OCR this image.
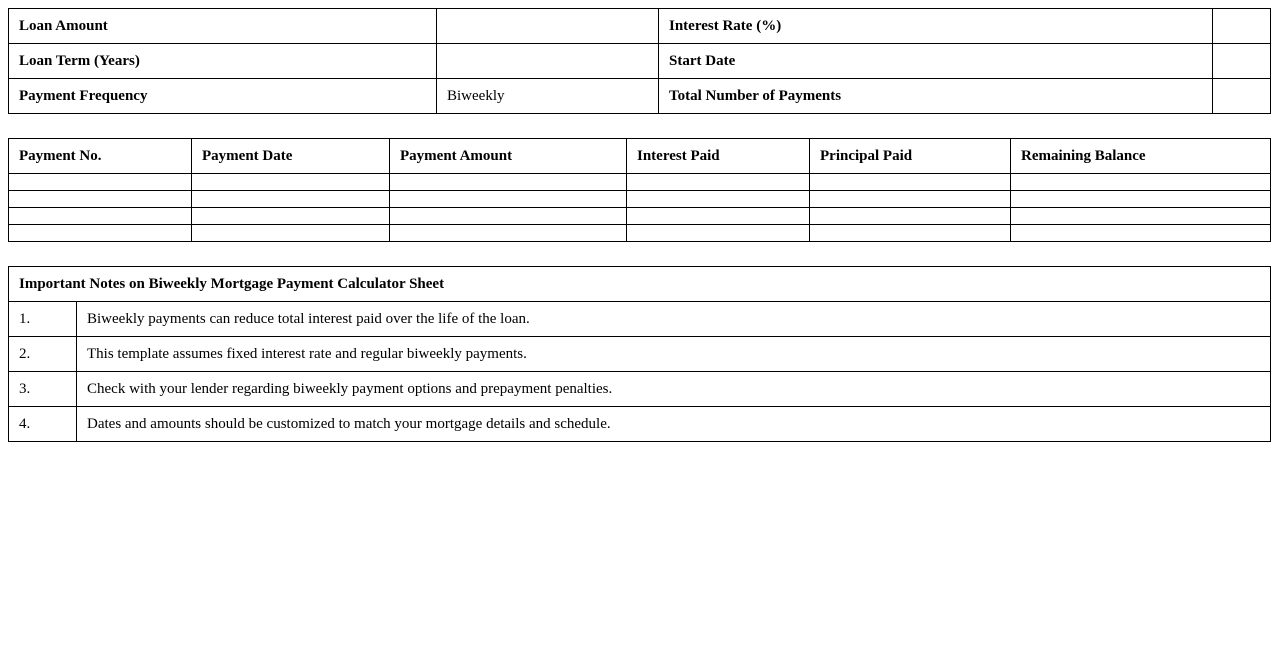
Loan Amount		Interest Rate (%)	
Loan Term (Years)		Start Date	
Payment Frequency	Biweekly	Total Number of Payments	
Payment No.	Payment Date	Payment Amount	Interest Paid	Principal Paid	Remaining Balance

Important Notes on Biweekly Mortgage Payment Calculator Sheet	
1.	Biweekly payments can reduce total interest paid over the life of the loan.
2.	This template assumes fixed interest rate and regular biweekly payments.
3.	Check with your lender regarding biweekly payment options and prepayment penalties.
4.	Dates and amounts should be customized to match your mortgage details and schedule.
